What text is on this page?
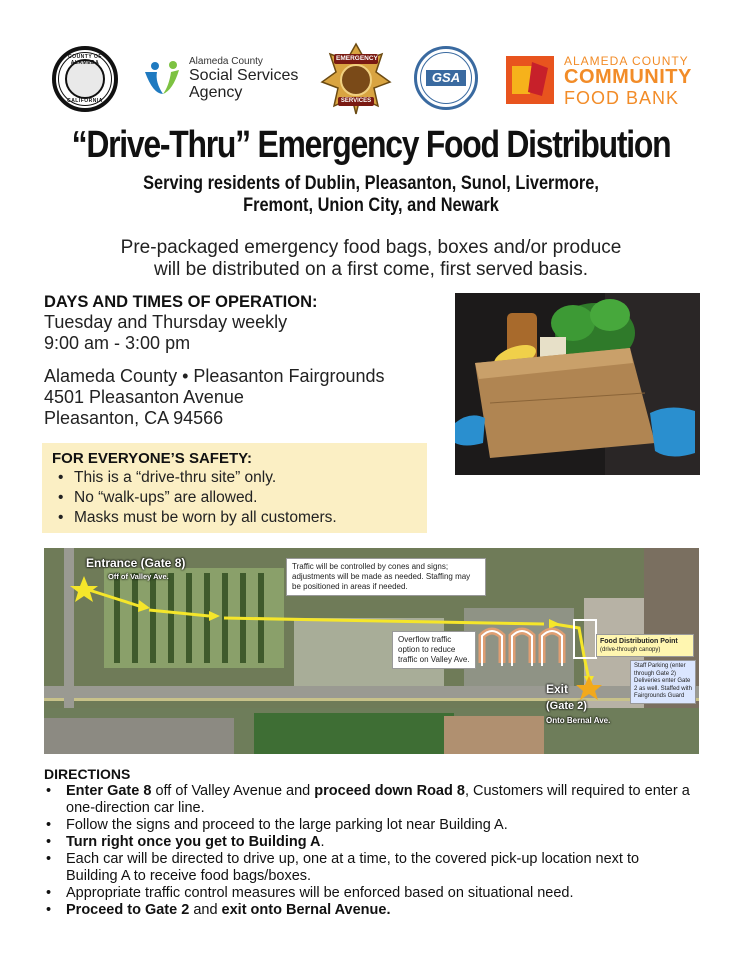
COUNTY OF ALAMEDA
CALIFORNIA
Alameda County
Social Services
Agency
EMERGENCY
SERVICES
GSA
ALAMEDA COUNTY
COMMUNITY
FOOD BANK
“Drive-Thru” Emergency Food Distribution
Serving residents of Dublin, Pleasanton, Sunol, Livermore,
Fremont, Union City, and Newark
Pre-packaged emergency food bags, boxes and/or produce
will be distributed on a first come, first served basis.
DAYS AND TIMES OF OPERATION:
Tuesday and Thursday weekly
9:00 am - 3:00 pm
Alameda County • Pleasanton Fairgrounds
4501 Pleasanton Avenue
Pleasanton, CA 94566
FOR EVERYONE’S SAFETY:
• This is a “drive-thru site” only.
• No “walk-ups” are allowed.
• Masks must be worn by all customers.
Entrance (Gate 8)
Off of Valley Ave.
Traffic will be controlled by cones and signs; adjustments will be made as needed. Staffing may be positioned in areas if needed.
Overflow traffic option to reduce traffic on Valley Ave.
Food Distribution Point
(drive-through canopy)
Staff Parking (enter through Gate 2) Deliveries enter Gate 2 as well. Staffed with Fairgrounds Guard
Exit
(Gate 2)
Onto Bernal Ave.
DIRECTIONS
• Enter Gate 8 off of Valley Avenue and proceed down Road 8, Customers will required to enter a one-direction car line.
• Follow the signs and proceed to the large parking lot near Building A.
• Turn right once you get to Building A.
• Each car will be directed to drive up, one at a time, to the covered pick-up location next to Building A to receive food bags/boxes.
• Appropriate traffic control measures will be enforced based on situational need.
• Proceed to Gate 2 and exit onto Bernal Avenue.
